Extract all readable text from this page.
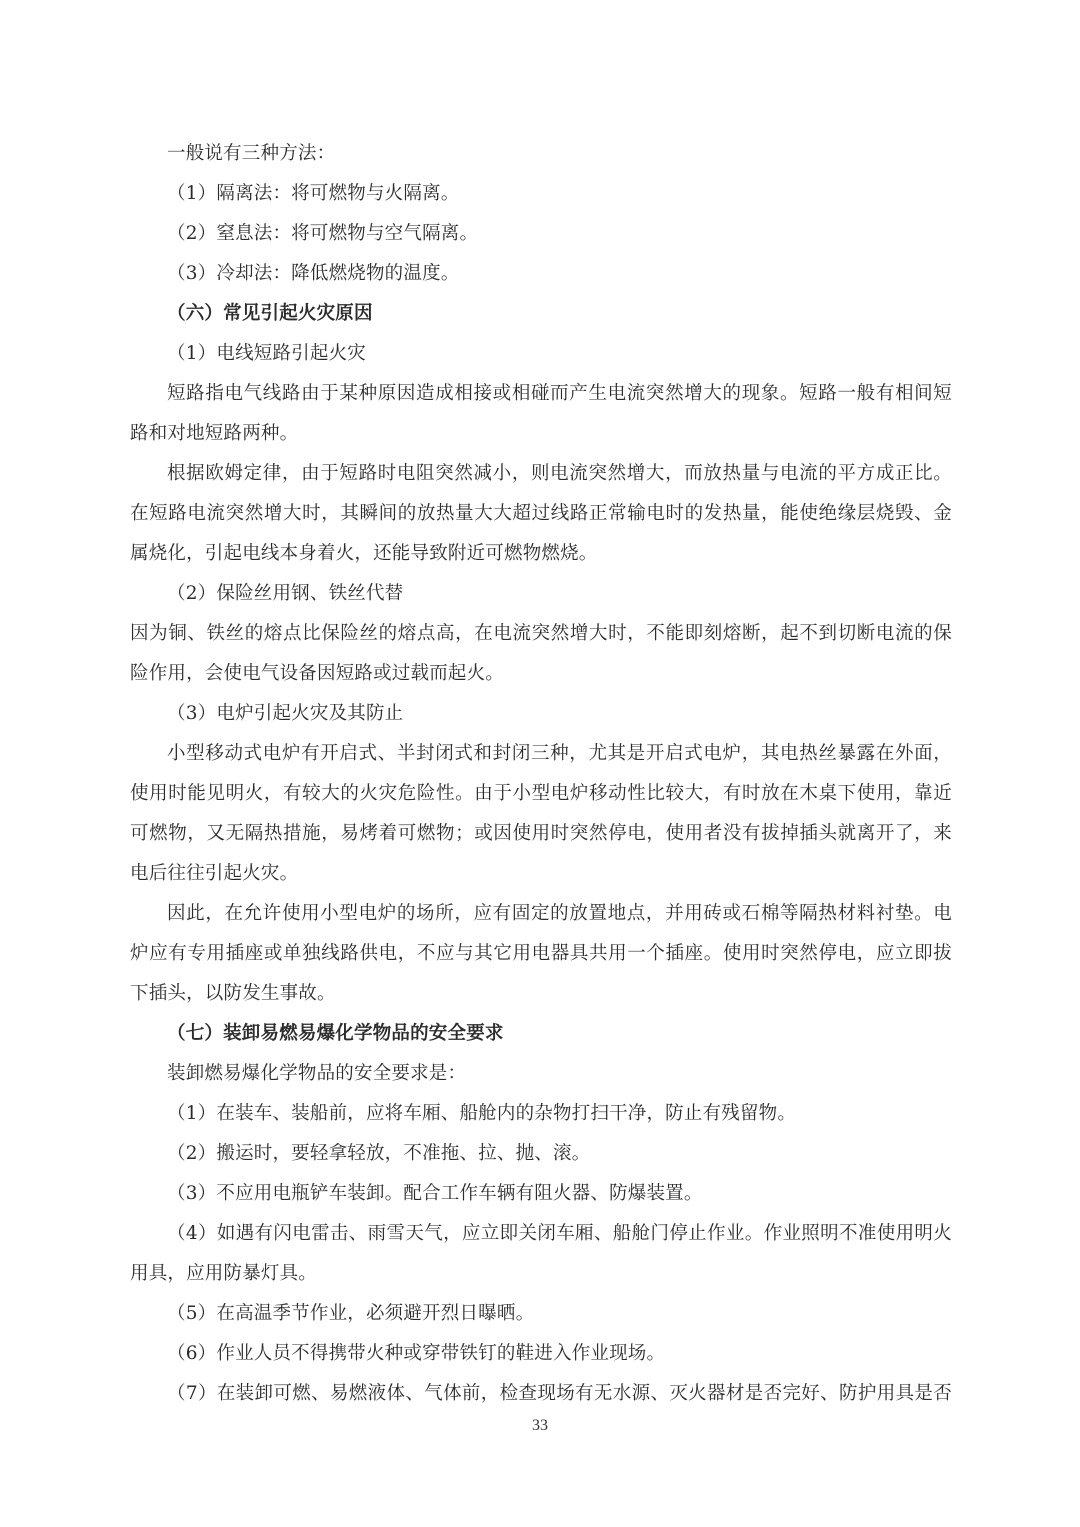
一般说有三种方法：
（1）隔离法：将可燃物与火隔离。
（2）窒息法：将可燃物与空气隔离。
（3）冷却法：降低燃烧物的温度。
（六）常见引起火灾原因
（1）电线短路引起火灾
短路指电气线路由于某种原因造成相接或相碰而产生电流突然增大的现象。短路一般有相间短
路和对地短路两种。
根据欧姆定律，由于短路时电阻突然减小，则电流突然增大，而放热量与电流的平方成正比。
在短路电流突然增大时，其瞬间的放热量大大超过线路正常输电时的发热量，能使绝缘层烧毁、金
属烧化，引起电线本身着火，还能导致附近可燃物燃烧。
（2）保险丝用钢、铁丝代替
因为铜、铁丝的熔点比保险丝的熔点高，在电流突然增大时，不能即刻熔断，起不到切断电流的保
险作用，会使电气设备因短路或过载而起火。
（3）电炉引起火灾及其防止
小型移动式电炉有开启式、半封闭式和封闭三种，尤其是开启式电炉，其电热丝暴露在外面，
使用时能见明火，有较大的火灾危险性。由于小型电炉移动性比较大，有时放在木桌下使用，靠近
可燃物，又无隔热措施，易烤着可燃物；或因使用时突然停电，使用者没有拔掉插头就离开了，来
电后往往引起火灾。
因此，在允许使用小型电炉的场所，应有固定的放置地点，并用砖或石棉等隔热材料衬垫。电
炉应有专用插座或单独线路供电，不应与其它用电器具共用一个插座。使用时突然停电，应立即拔
下插头，以防发生事故。
（七）装卸易燃易爆化学物品的安全要求
装卸燃易爆化学物品的安全要求是：
（1）在装车、装船前，应将车厢、船舱内的杂物打扫干净，防止有残留物。
（2）搬运时，要轻拿轻放，不准拖、拉、抛、滚。
（3）不应用电瓶铲车装卸。配合工作车辆有阻火器、防爆装置。
（4）如遇有闪电雷击、雨雪天气，应立即关闭车厢、船舱门停止作业。作业照明不准使用明火
用具，应用防暴灯具。
（5）在高温季节作业，必须避开烈日曝晒。
（6）作业人员不得携带火种或穿带铁钉的鞋进入作业现场。
（7）在装卸可燃、易燃液体、气体前，检查现场有无水源、灭火器材是否完好、防护用具是否
33
